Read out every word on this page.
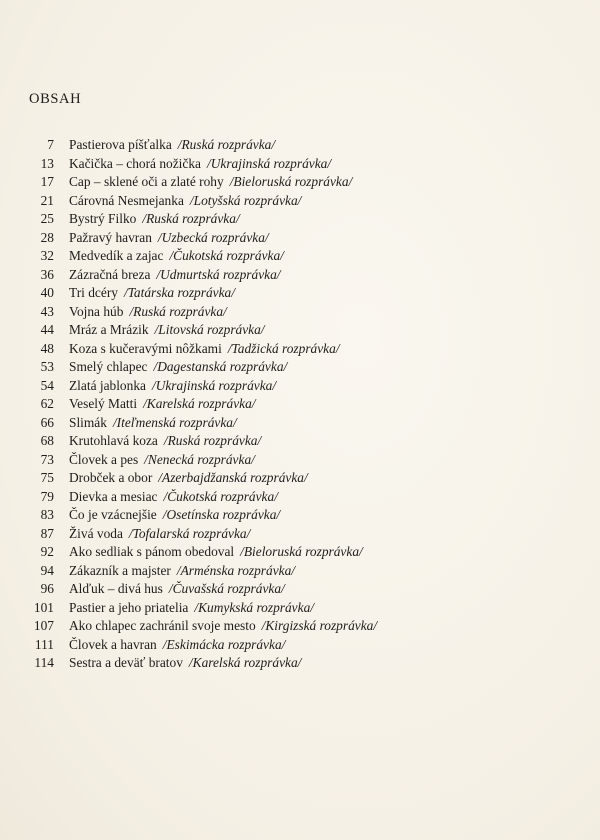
OBSAH
7 Pastierova píšťalka /Ruská rozprávka/
13 Kačička – chorá nožička /Ukrajinská rozprávka/
17 Cap – sklené oči a zlaté rohy /Bieloruská rozprávka/
21 Cárovná Nesmejanka /Lotyšská rozprávka/
25 Bystrý Filko /Ruská rozprávka/
28 Pažravý havran /Uzbecká rozprávka/
32 Medvedík a zajac /Čukotská rozprávka/
36 Zázračná breza /Udmurtská rozprávka/
40 Tri dcéry /Tatárska rozprávka/
43 Vojna húb /Ruská rozprávka/
44 Mráz a Mrázik /Litovská rozprávka/
48 Koza s kučeravými nôžkami /Tadžická rozprávka/
53 Smelý chlapec /Dagestanská rozprávka/
54 Zlatá jablonka /Ukrajinská rozprávka/
62 Veselý Matti /Karelská rozprávka/
66 Slimák /Iteľmenská rozprávka/
68 Krutohlavá koza /Ruská rozprávka/
73 Človek a pes /Nenecká rozprávka/
75 Drobček a obor /Azerbajdžanská rozprávka/
79 Dievka a mesiac /Čukotská rozprávka/
83 Čo je vzácnejšie /Osetínska rozprávka/
87 Živá voda /Tofalarská rozprávka/
92 Ako sedliak s pánom obedoval /Bieloruská rozprávka/
94 Zákazník a majster /Arménska rozprávka/
96 Alďuk – divá hus /Čuvašská rozprávka/
101 Pastier a jeho priatelia /Kumykská rozprávka/
107 Ako chlapec zachránil svoje mesto /Kirgizská rozprávka/
111 Človek a havran /Eskimácka rozprávka/
114 Sestra a deväť bratov /Karelská rozprávka/
